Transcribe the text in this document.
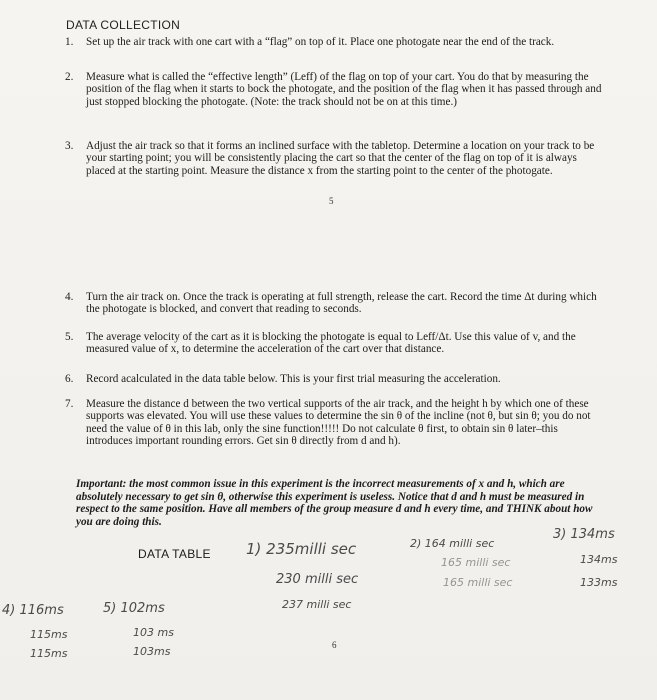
DATA COLLECTION
1.	Set up the air track with one cart with a “flag” on top of it. Place one photogate near the end of the track.
2.	Measure what is called the “effective length” (Leff) of the flag on top of your cart. You do that by measuring the position of the flag when it starts to bock the photogate, and the position of the flag when it has passed through and just stopped blocking the photogate. (Note: the track should not be on at this time.)
3.	Adjust the air track so that it forms an inclined surface with the tabletop. Determine a location on your track to be your starting point; you will be consistently placing the cart so that the center of the flag on top of it is always placed at the starting point. Measure the distance x from the starting point to the center of the photogate.
5
4.	Turn the air track on. Once the track is operating at full strength, release the cart. Record the time Δt during which the photogate is blocked, and convert that reading to seconds.
5.	The average velocity of the cart as it is blocking the photogate is equal to Leff/Δt. Use this value of v, and the measured value of x, to determine the acceleration of the cart over that distance.
6.	Record acalculated in the data table below. This is your first trial measuring the acceleration.
7.	Measure the distance d between the two vertical supports of the air track, and the height h by which one of these supports was elevated. You will use these values to determine the sin θ of the incline (not θ, but sin θ; you do not need the value of θ in this lab, only the sine function!!!!! Do not calculate θ first, to obtain sin θ later–this introduces important rounding errors. Get sin θ directly from d and h).
Important: the most common issue in this experiment is the incorrect measurements of x and h, which are absolutely necessary to get sin θ, otherwise this experiment is useless. Notice that d and h must be measured in respect to the same position. Have all members of the group measure d and h every time, and THINK about how you are doing this.
DATA TABLE 1) 235milli sec
230 milli sec
237 milli sec
2) 164 milli sec
165 milli sec
165 milli sec
3) 134ms
134ms
133ms
4) 116ms
115ms
115ms
5) 102ms
103 ms
103ms	6
